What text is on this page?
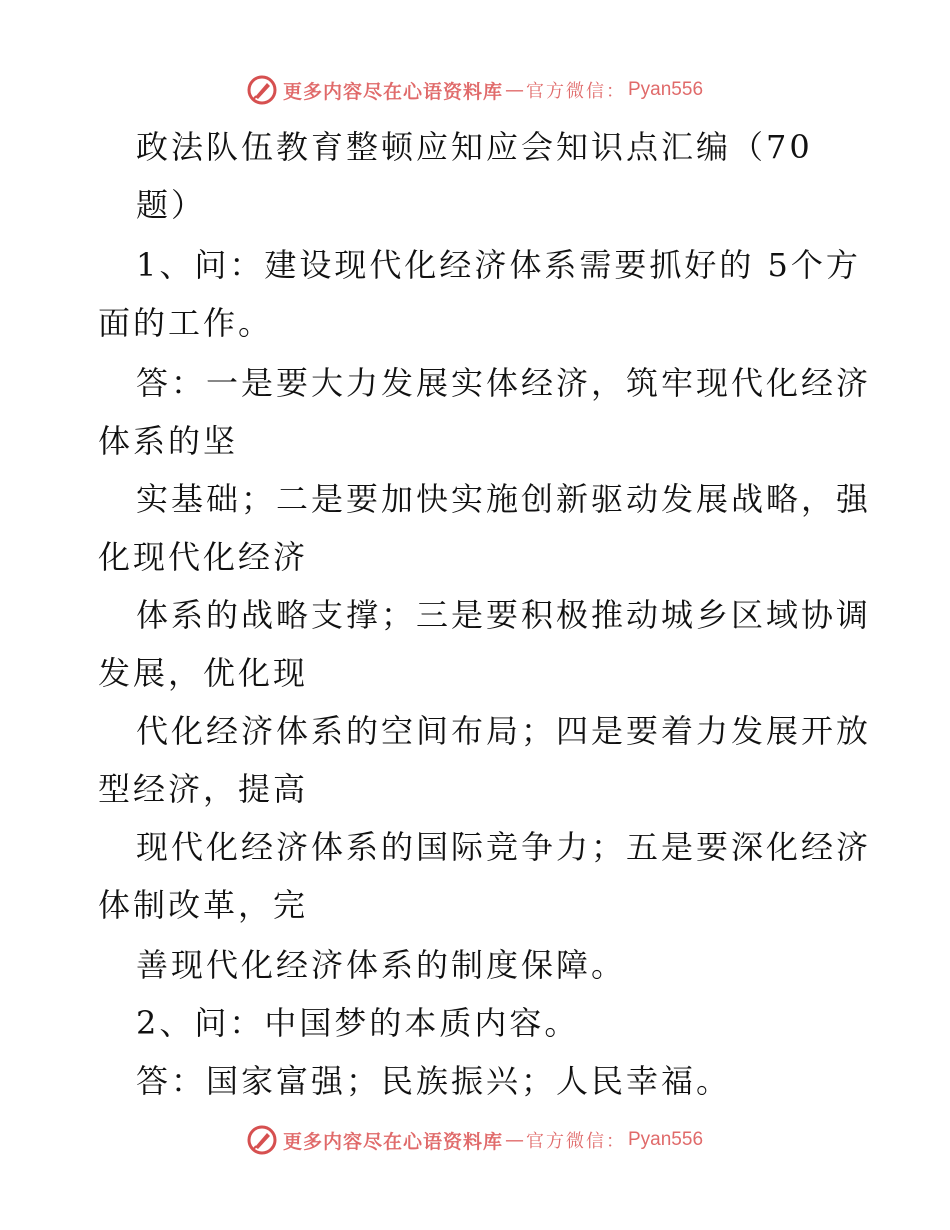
更多内容尽在心语资料库 — 官方微信 ： Pyan556
政法队伍教育整顿应知应会知识点汇编（70
题）
1、问：建设现代化经济体系需要抓好的 5个方
面的工作。
答：一是要大力发展实体经济，筑牢现代化经济
体系的坚
实基础；二是要加快实施创新驱动发展战略，强
化现代化经济
体系的战略支撑；三是要积极推动城乡区域协调
发展，优化现
代化经济体系的空间布局；四是要着力发展开放
型经济，提高
现代化经济体系的国际竞争力；五是要深化经济
体制改革，完
善现代化经济体系的制度保障。
2、问：中国梦的本质内容。
答：国家富强；民族振兴；人民幸福。
更多内容尽在心语资料库 — 官方微信 ： Pyan556
